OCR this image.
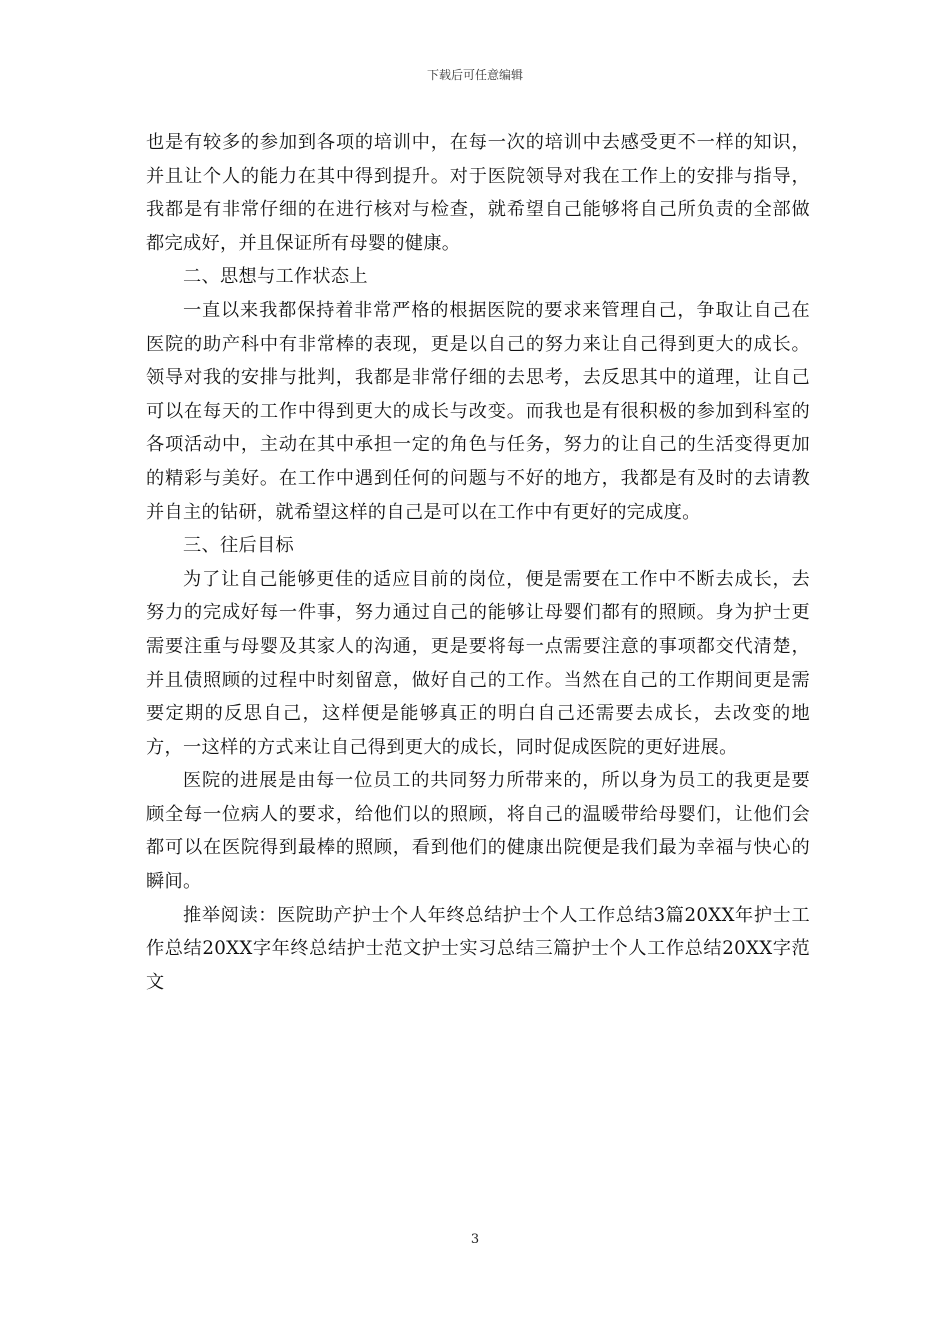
下载后可任意编辑

也是有较多的参加到各项的培训中，在每一次的培训中去感受更不一样的知识，并且让个人的能力在其中得到提升。对于医院领导对我在工作上的安排与指导，我都是有非常仔细的在进行核对与检查，就希望自己能够将自己所负责的全部做都完成好，并且保证所有母婴的健康。

二、思想与工作状态上

一直以来我都保持着非常严格的根据医院的要求来管理自己，争取让自己在医院的助产科中有非常棒的表现，更是以自己的努力来让自己得到更大的成长。领导对我的安排与批判，我都是非常仔细的去思考，去反思其中的道理，让自己可以在每天的工作中得到更大的成长与改变。而我也是有很积极的参加到科室的各项活动中，主动在其中承担一定的角色与任务，努力的让自己的生活变得更加的精彩与美好。在工作中遇到任何的问题与不好的地方，我都是有及时的去请教并自主的钻研，就希望这样的自己是可以在工作中有更好的完成度。

三、往后目标

为了让自己能够更佳的适应目前的岗位，便是需要在工作中不断去成长，去努力的完成好每一件事，努力通过自己的能够让母婴们都有的照顾。身为护士更需要注重与母婴及其家人的沟通，更是要将每一点需要注意的事项都交代清楚，并且债照顾的过程中时刻留意，做好自己的工作。当然在自己的工作期间更是需要定期的反思自己，这样便是能够真正的明白自己还需要去成长，去改变的地方，一这样的方式来让自己得到更大的成长，同时促成医院的更好进展。

医院的进展是由每一位员工的共同努力所带来的，所以身为员工的我更是要顾全每一位病人的要求，给他们以的照顾，将自己的温暖带给母婴们，让他们会都可以在医院得到最棒的照顾，看到他们的健康出院便是我们最为幸福与快心的瞬间。

推举阅读：医院助产护士个人年终总结护士个人工作总结3篇20XX年护士工作总结20XX字年终总结护士范文护士实习总结三篇护士个人工作总结20XX字范文

3
